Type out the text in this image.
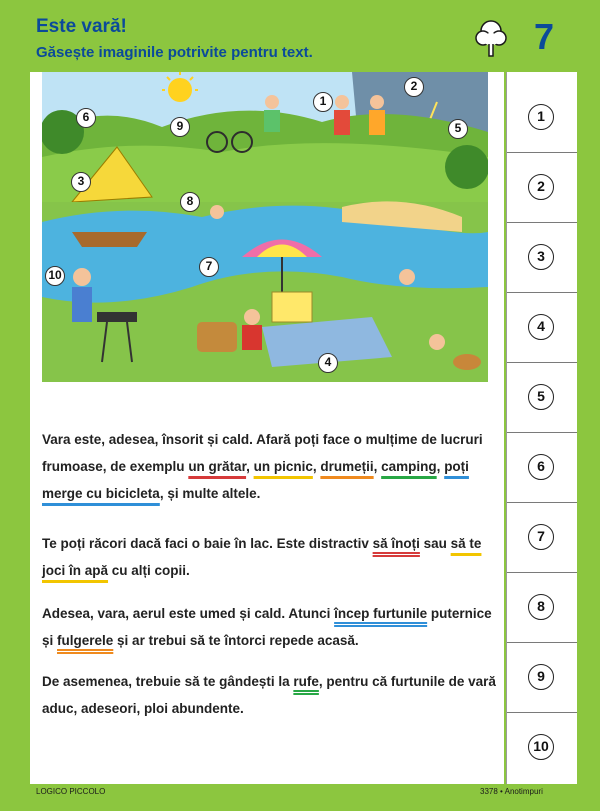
Este vară!
Găsește imaginile potrivite pentru text.	7
1
2
3
4
5
6
7
8
9
10
1
2
3
4
5
6
7
8
9
10
Vara este, adesea, însorit și cald. Afară poți face o mulțime de lucruri frumoase, de exemplu un grătar, un picnic, drumeții, camping, poți merge cu bicicleta, și multe altele.
Te poți răcori dacă faci o baie în lac. Este distractiv să înoți sau să te joci în apă cu alți copii.
Adesea, vara, aerul este umed și cald. Atunci încep furtunile puternice și fulgerele și ar trebui să te întorci repede acasă.
De asemenea, trebuie să te gândești la rufe, pentru că furtunile de vară aduc, adeseori, ploi abundente.
LOGICO PICCOLO	3378 • Anotimpuri
